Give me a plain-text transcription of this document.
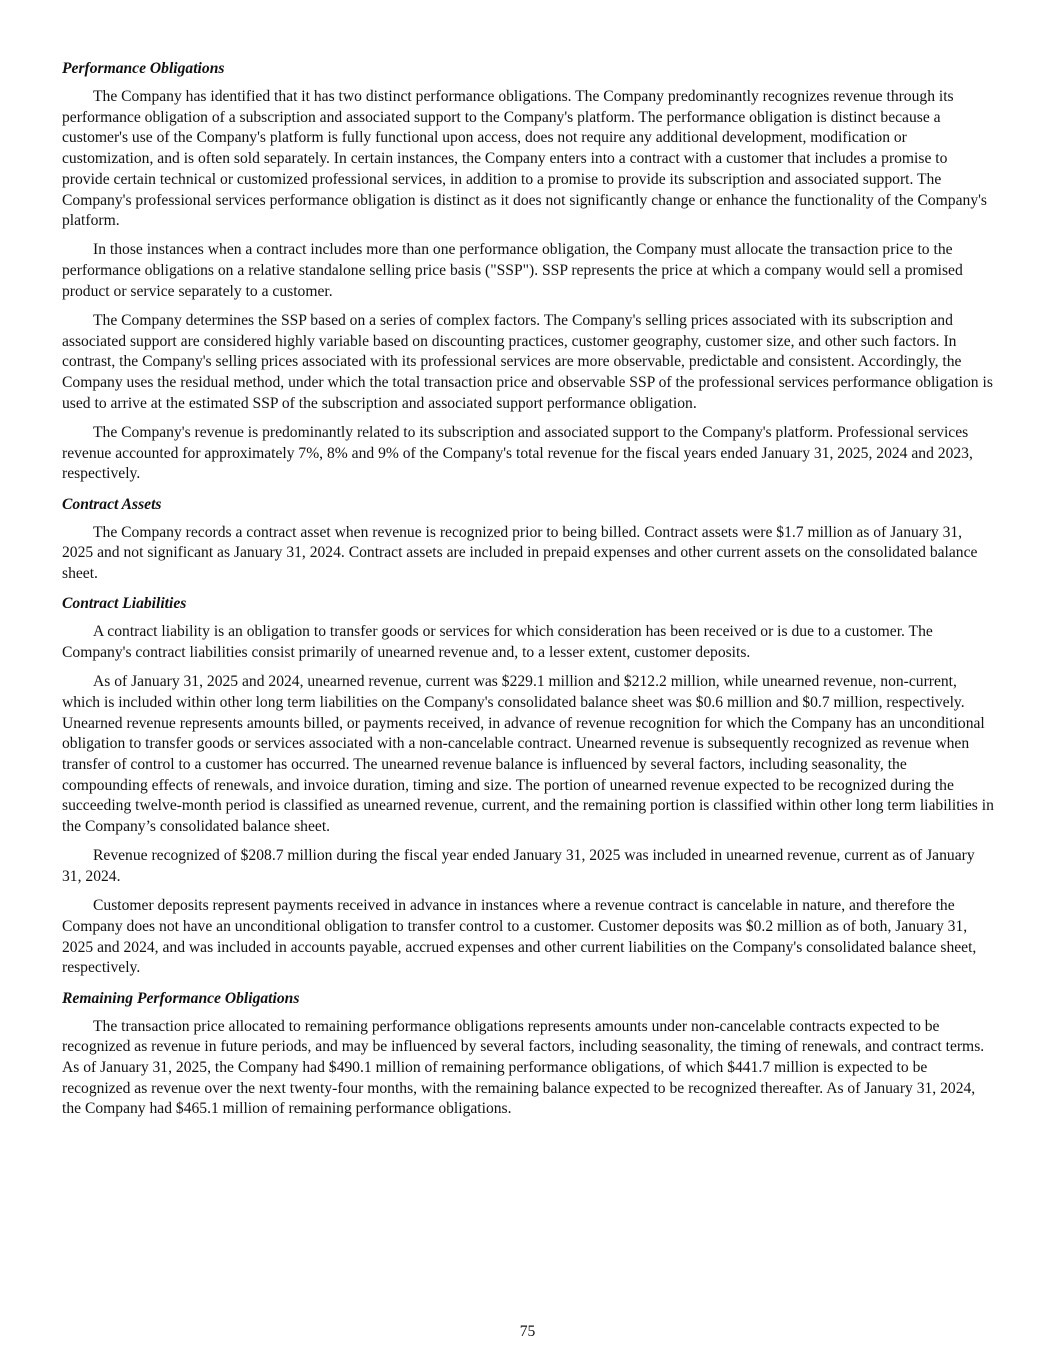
Performance Obligations

The Company has identified that it has two distinct performance obligations. The Company predominantly recognizes revenue through its performance obligation of a subscription and associated support to the Company's platform. The performance obligation is distinct because a customer's use of the Company's platform is fully functional upon access, does not require any additional development, modification or customization, and is often sold separately. In certain instances, the Company enters into a contract with a customer that includes a promise to provide certain technical or customized professional services, in addition to a promise to provide its subscription and associated support. The Company's professional services performance obligation is distinct as it does not significantly change or enhance the functionality of the Company's platform.

In those instances when a contract includes more than one performance obligation, the Company must allocate the transaction price to the performance obligations on a relative standalone selling price basis ("SSP"). SSP represents the price at which a company would sell a promised product or service separately to a customer.

The Company determines the SSP based on a series of complex factors. The Company's selling prices associated with its subscription and associated support are considered highly variable based on discounting practices, customer geography, customer size, and other such factors. In contrast, the Company's selling prices associated with its professional services are more observable, predictable and consistent. Accordingly, the Company uses the residual method, under which the total transaction price and observable SSP of the professional services performance obligation is used to arrive at the estimated SSP of the subscription and associated support performance obligation.

The Company's revenue is predominantly related to its subscription and associated support to the Company's platform. Professional services revenue accounted for approximately 7%, 8% and 9% of the Company's total revenue for the fiscal years ended January 31, 2025, 2024 and 2023, respectively.

Contract Assets

The Company records a contract asset when revenue is recognized prior to being billed. Contract assets were $1.7 million as of January 31, 2025 and not significant as January 31, 2024. Contract assets are included in prepaid expenses and other current assets on the consolidated balance sheet.

Contract Liabilities

A contract liability is an obligation to transfer goods or services for which consideration has been received or is due to a customer. The Company's contract liabilities consist primarily of unearned revenue and, to a lesser extent, customer deposits.

As of January 31, 2025 and 2024, unearned revenue, current was $229.1 million and $212.2 million, while unearned revenue, non-current, which is included within other long term liabilities on the Company's consolidated balance sheet was $0.6 million and $0.7 million, respectively. Unearned revenue represents amounts billed, or payments received, in advance of revenue recognition for which the Company has an unconditional obligation to transfer goods or services associated with a non-cancelable contract. Unearned revenue is subsequently recognized as revenue when transfer of control to a customer has occurred. The unearned revenue balance is influenced by several factors, including seasonality, the compounding effects of renewals, and invoice duration, timing and size. The portion of unearned revenue expected to be recognized during the succeeding twelve-month period is classified as unearned revenue, current, and the remaining portion is classified within other long term liabilities in the Company’s consolidated balance sheet.

Revenue recognized of $208.7 million during the fiscal year ended January 31, 2025 was included in unearned revenue, current as of January 31, 2024.

Customer deposits represent payments received in advance in instances where a revenue contract is cancelable in nature, and therefore the Company does not have an unconditional obligation to transfer control to a customer. Customer deposits was $0.2 million as of both, January 31, 2025 and 2024, and was included in accounts payable, accrued expenses and other current liabilities on the Company's consolidated balance sheet, respectively.

Remaining Performance Obligations

The transaction price allocated to remaining performance obligations represents amounts under non-cancelable contracts expected to be recognized as revenue in future periods, and may be influenced by several factors, including seasonality, the timing of renewals, and contract terms. As of January 31, 2025, the Company had $490.1 million of remaining performance obligations, of which $441.7 million is expected to be recognized as revenue over the next twenty-four months, with the remaining balance expected to be recognized thereafter. As of January 31, 2024, the Company had $465.1 million of remaining performance obligations.

75
